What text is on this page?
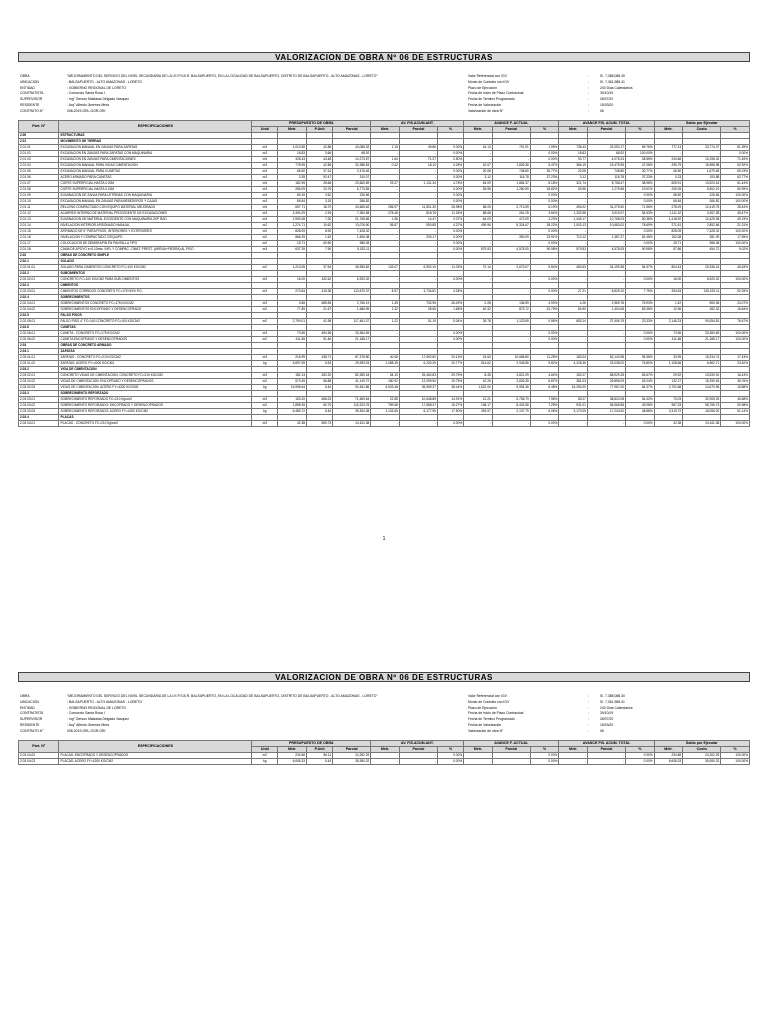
VALORIZACION DE OBRA Nº 06 DE ESTRUCTURAS
OBRA	"MEJORAMIENTO DEL SERVICIO DEL NIVEL SECUNDARIA DE LA I.E.P.S.B.R. BALSAPUERTO, EN LA LOCALIDAD DE BALSAPUERTO, DISTRITO DE BALSAPUERTO - ALTO AMAZONAS - LORETO"
UBICACIÓN	: BALSAPUERTO - ALTO AMAZONAS - LORETO
ENTIDAD	: GOBIERNO REGIONAL DE LORETO
CONTRATISTA	: Consorcio Santa Rosa I
SUPERVISOR	: Ing° Gerson Maldalas Delgado Vasquez
RESIDENTE	: Arq° Alfredo Jimenez Mera
CONTRATO N°	008-2019-GRL-GGR-GRI
Valor Referencial con IGV	:	S/. 7,388,088.30
Monto de Contrato con IGV	:	S/. 7,361,985.41
Plazo de Ejecución	:	240 Días Calendarios
Fecha de Inicio de Plazo Contractual	:	30/10/19
Fecha de Termino Programado	:	26/07/20
Fecha de Valorización	:	15/03/20
Valorización de obra N°	:	06
Part. Nº	ESPECIFICACIONES	PRESUPUESTO DE OBRA				AV. FIS.ACUM.ANT.			AVANCE F. ACTUAL			AVANCE FIS. ACUM. TOTAL			Saldo por Ejecutar		
		Unid	Metr.	P.Unit	Parcial	Metr.	Parcial	%	Metr.	Parcial	%	Metr.	Parcial	%	Metr.	Costo	%
2.00	ESTRUCTURAS																
2.01	MOVIMIENTO DE TIERRAS																
2.01.01	EXCAVACION MANUAL EN ZANJAS PARA ZAPATAS	m3	1,013.56	42.86	43,066.32	1.15	49.86	0.00%	16.13	701.91	1.59%	736.43	32,092.17	69.75%	777.13	33,774.07	81.39%
2.01.02	EXCAVACION EN ZANJAS PARA ZAPATAS CON MAQUINARIA	m3	18.83	3.66	68.92	-	-	0.00%	-	-	0.00%	18.83	68.92	100.00%	-	-	0.00%
2.01.03	EXCAVACION EN ZANJAS PARA CIMENTACIONES	m3	328.43	43.48	14,273.57	1.64	71.27	0.50%	-	-	0.00%	93.77	4,075.24	28.55%	234.66	10,198.32	71.45%
2.01.04	EXCAVACION MANUAL PARA VIGAS CIMENTACION	m3	778.95	42.86	33,386.53	0.42	18.10	0.05%	42.07	1,826.36	5.47%	366.19	15,475.95	47.08%	295.79	16,985.98	52.92%
2.01.05	EXCAVACION MANUAL PARA CUNETAS	m3	66.50	37.24	2,476.46	-	-	0.00%	20.08	748.80	30.77%	20.08	748.80	30.77%	46.50	1,679.65	69.23%
2.01.06	ACERO ARMADO PARA CUNETAS	m3	3.35	92.47	310.07	-	-	0.00%	3.12	116.78	37.23%	3.12	116.78	37.23%	0.23	193.88	62.77%
2.01.07	CORTE SUPERFICIAL HASTA 0.20M	m3	182.95	28.66	23,660.89	29.27	1,131.34	4.78%	64.09	1,864.37	8.18%	321.74	8,758.47	38.98%	605.91	13,924.16	61.44%
2.01.08	CORTE SUPERFICIAL HASTA 0.15M	m3	285.09	23.76	6,773.65	-	-	0.00%	53.96	1,280.59	18.82%	53.96	1,279.68	19.01%	230.05	5,502.19	80.99%
2.01.09	ELIMINACION DE ZANJA PARA LETRINAS CON MAQUINARIA	m3	69.16	3.62	226.56	-	-	0.00%	-	-	0.00%	-	-	0.00%	58.50	226.56	100.00%
2.01.10	EXCAVACION MANUAL EN ZANJAS PARA BEBEDEROS Y CAJAS	m3	66.84	3.15	266.82	-	-	0.00%	-	-	0.00%	-	-	0.00%	66.84	266.82	100.00%
2.01.11	RELLENO COMPACTADO CON EQUIPO MATERIAL MEJORADO	m3	657.71	18.70	43,665.62	256.97	11,801.30	26.98%	68.09	2,713.59	6.19%	494.02	31,275.50	71.56%	278.29	12,419.75	28.44%
2.01.12	ACARREO INTERNO DE MATERIAL PROCEDENTE DE EXCAVACIONES	m3	2,494.29	2.94	7,360.58	278.48	818.76	11.36%	88.68	261.25	3.64%	1,332.98	3,919.07	54.53%	1,111.32	3,267.28	45.47%
2.01.13	ELIMINACION DE MATERIAL EXCEDENTE CON MAQUINARIA 2KP RAD	m3	2,990.08	7.20	21,765.56	1.96	14.47	0.07%	64.03	472.09	2.23%	1,449.17	10,768.03	50.38%	1,418.92	10,429.08	49.23%
2.01.14	NIVELACION INTERIOR APISONADO MANUAL	m2	1,274.71	10.62	13,076.90	55.67	590.85	4.37%	499.96	5,324.67	39.22%	1,003.13	10,683.02	78.69%	271.61	2,892.66	21.31%
2.01.15	AFIRMADO DE 6" PARA PISOS, INTERIORES Y EXTERIORES	m2	828.09	8.90	7,428.32	-	-	0.00%	-	-	0.00%	-	-	0.00%	828.09	7,428.32	100.00%
2.01.16	NIVELACION Y COMPACTADO C/EQUIPO	m2	866.25	1.52	1,606.38	-	203.17	0.00%	-	390.09	23.91%	712.12	1,387.27	82.45%	152.08	281.09	17.55%
2.01.17	COLOCACION DE DEMSRAPIN EN PANTALLA TIPO	m2	15.71	60.60	986.08	-	-	0.00%	-	-	0.00%	-	-	0.00%	15.71	986.08	100.00%
2.01.18	CAMA DE APOYO e=0.10mts. INFL Y COMPAC. C/MAT. PREST. (ARENA+PIEDRA) AL PISO	m3	637.39	7.90	5,032.11	-	-	0.00%	579.53	4,578.05	90.98%	579.53	4,578.05	90.98%	57.86	454.72	9.02%
2.02	OBRAS DE CONCRETO SIMPLE																
2.02.1	SOLADO																
2.02.01.01	SOLADO PARA CIMIENTOS CONCRETO FC=100 KG/CM2	m2	1,213.06	37.54	45,555.82	133.07	6,992.10	11.03%	72.14	2,673.07	5.54%	460.63	24,199.38	54.37%	804.43	20,336.24	45.63%
2.02.2	SUBCIMIENTOS																
2.02.02.01	CONCRETO FC=100 KG/CM2 PARA SUB CIMIENTOS	m3	16.00	432.62	6,920.32	-	-	0.00%	-	-	0.00%	-	-	0.00%	16.00	6,920.32	100.00%
2.02.3	CIMIENTOS																
2.02.03.01	CIMIENTOS CORRIDOS CONCRETO FC=175+30% P.G.	m3	273.84	415.28	113,670.37	8.97	3,734.81	3.28%	-	-	0.00%	27.21	8,829.10	7.75%	254.63	105,193.11	92.25%
2.02.4	SOBRECIMIENTOS																
2.02.04.01	SOBRECIMIENTOS CONCRETO FC=175 KG/CM2	m3	3.66	685.55	2,766.19	1.45	732.96	26.49%	0.28	136.59	4.93%	4.26	2,969.78	75.93%	1.42	960.06	24.07%
2.02.04.02	SOBRECIMIENTOS ENCOFRADO Y DESENCOFRADO	m2	77.85	21.67	1,686.99	1.32	28.65	1.68%	40.32	873.72	51.79%	64.90	1,404.08	83.36%	12.96	282.32	16.64%
2.02.5	FALSO PISOS																
2.02.05.01	FALSO PISO 4" FC=140 CONCRETO FC=100 KG/CM2	m2	2,799.01	41.98	117,461.07	1.22	51.19	0.04%	26.78	1,123.89	0.96%	653.14	27,406.75	23.33%	2,146.23	90,054.81	76.67%
2.02.6	CUNETAS																
2.02.06.01	CUNETA - CONCRETO FC=175 KG/CM2	m3	73.56	454.36	33,384.69	-	-	0.00%	-	-	0.00%	-	-	0.00%	73.56	33,384.69	100.00%
2.02.06.02	CUNETA ENCOFRADO Y DESENCOFRADOS	m2	411.66	51.46	21,188.17	-	-	0.00%	-	-	0.00%	-	-	0.00%	411.66	21,188.17	100.00%
2.03	OBRAS DE CONCRETO ARMADO																
2.03.1	ZAPATAS																
2.03.01.01	ZAPATAS - CONCRETO FC=210 KG/CM2	m3	216.99	438.71	87,378.80	40.08	17,592.80	20.13%	24.60	10,666.80	11.25%	183.04	82,143.98	95.36%	33.95	15,234.74	17.43%
2.03.01.02	ZAPATAS: ACERO FY=4200 KG/CM2	kg	5,897.59	5.53	29,993.03	1,088.39	6,230.29	20.77%	514.62	2,945.86	9.82%	4,228.36	23,038.02	76.80%	1,108.66	6,962.71	23.40%
2.03.2	VIGA DE CIMENTACION																
2.03.02.01	CONCRETO VIGAS DE CIMENTACION, CONCRETO FC=210 KG/CM2	m3	182.13	452.20	82,359.18	54.10	25,462.83	29.75%	8.45	3,821.09	4.64%	152.27	68,929.28	83.67%	29.92	13,530.91	16.43%
2.03.02.02	VIGAS DE CIMENTACION: ENCOFRADO Y DESENCOFRADOS	m2	573.45	66.88	41,149.72	180.92	12,099.50	19.75%	42.26	2,826.35	6.87%	381.03	25,858.09	63.24%	132.27	15,290.63	36.76%
2.03.02.03	VIGAS DE CIMENTACION: ACERO FY=4200 KG/CM2	kg	16,996.64	5.44	92,461.86	6,533.48	35,559.37	38.44%	1,622.00	5,994.36	6.48%	15,294.00	77,987.00	84.37%	2,702.68	14,670.96	15.88%
2.03.3	SOBRECIMIENTO REFORZADO																
2.03.03.01	SOBRECIMIENTO REFORZADO FC=210 Kg/cm2	m3	153.20	468.23	71,669.64	22.58	10,648.89	14.91%	12.21	5,708.79	7.96%	83.27	38,820.08	54.32%	70.03	32,905.25	45.68%
2.03.03.02	SOBRECIMIENTO REFORZADO: ENCOFRADO Y DESENCOFRADOS	m2	1,898.35	60.70	115,224.76	789.58	17,558.37	15.27%	138.17	8,402.56	7.29%	931.01	56,568.58	49.08%	967.33	58,755.73	50.98%
2.03.03.03	SOBRECIMIENTO REFORZADO: ACERO FY=4200 KG/CM2	kg	6,489.72	5.44	35,304.08	1,133.65	6,177.95	17.50%	393.97	2,137.79	6.06%	3,170.05	17,244.52	48.88%	3,319.72	18,056.20	51.14%
2.03.4	PLACAS																
2.03.04.01	PLACAS - CONCRETO FC=210 Kg/cm2	m3	42.38	569.73	24,611.38	-	-	0.00%	-	-	0.00%	-	-	0.00%	42.38	24,611.38	100.00%
1
VALORIZACION DE OBRA Nº 06 DE ESTRUCTURAS
OBRA	"MEJORAMIENTO DEL SERVICIO DEL NIVEL SECUNDARIA DE LA I.E.P.S.B.R. BALSAPUERTO, EN LA LOCALIDAD DE BALSAPUERTO, DISTRITO DE BALSAPUERTO - ALTO AMAZONAS - LORETO"
UBICACIÓN	: BALSAPUERTO - ALTO AMAZONAS - LORETO
ENTIDAD	: GOBIERNO REGIONAL DE LORETO
CONTRATISTA	: Consorcio Santa Rosa I
SUPERVISOR	: Ing° Gerson Maldalas Delgado Vasquez
RESIDENTE	: Arq° Alfredo Jimenez Mera
CONTRATO N°	008-2019-GRL-GGR-GRI
Valor Referencial con IGV	:	S/. 7,388,088.30
Monto de Contrato con IGV	:	S/. 7,361,985.41
Plazo de Ejecución	:	240 Días Calendarios
Fecha de Inicio de Plazo Contractual	:	30/10/19
Fecha de Termino Programado	:	26/07/20
Fecha de Valorización	:	15/03/20
Valorización de obra N°	:	06
Part. Nº	ESPECIFICACIONES	PRESUPUESTO DE OBRA				AV. FIS.ACUM.ANT.			AVANCE F. ACTUAL			AVANCE FIS. ACUM. TOTAL			Saldo por Ejecutar		
		Unid	Metr.	P.Unit	Parcial	Metr.	Parcial	%	Metr.	Parcial	%	Metr.	Parcial	%	Metr.	Costo	%
2.03.04.02	PLACAS: ENCOFRADO Y DESENCOFRADOS	m2	234.86	86.11	24,262.29	-	-	0.00%	-	-	0.00%	-	-	0.00%	234.86	24,262.29	100.00%
2.03.04.03	PLACAS: ACERO FY=4200 KG/CM2	kg	6,608.33	5.44	35,950.32	-	-	0.00%	-	-	0.00%	-	-	0.00%	6,608.33	35,950.32	100.00%
